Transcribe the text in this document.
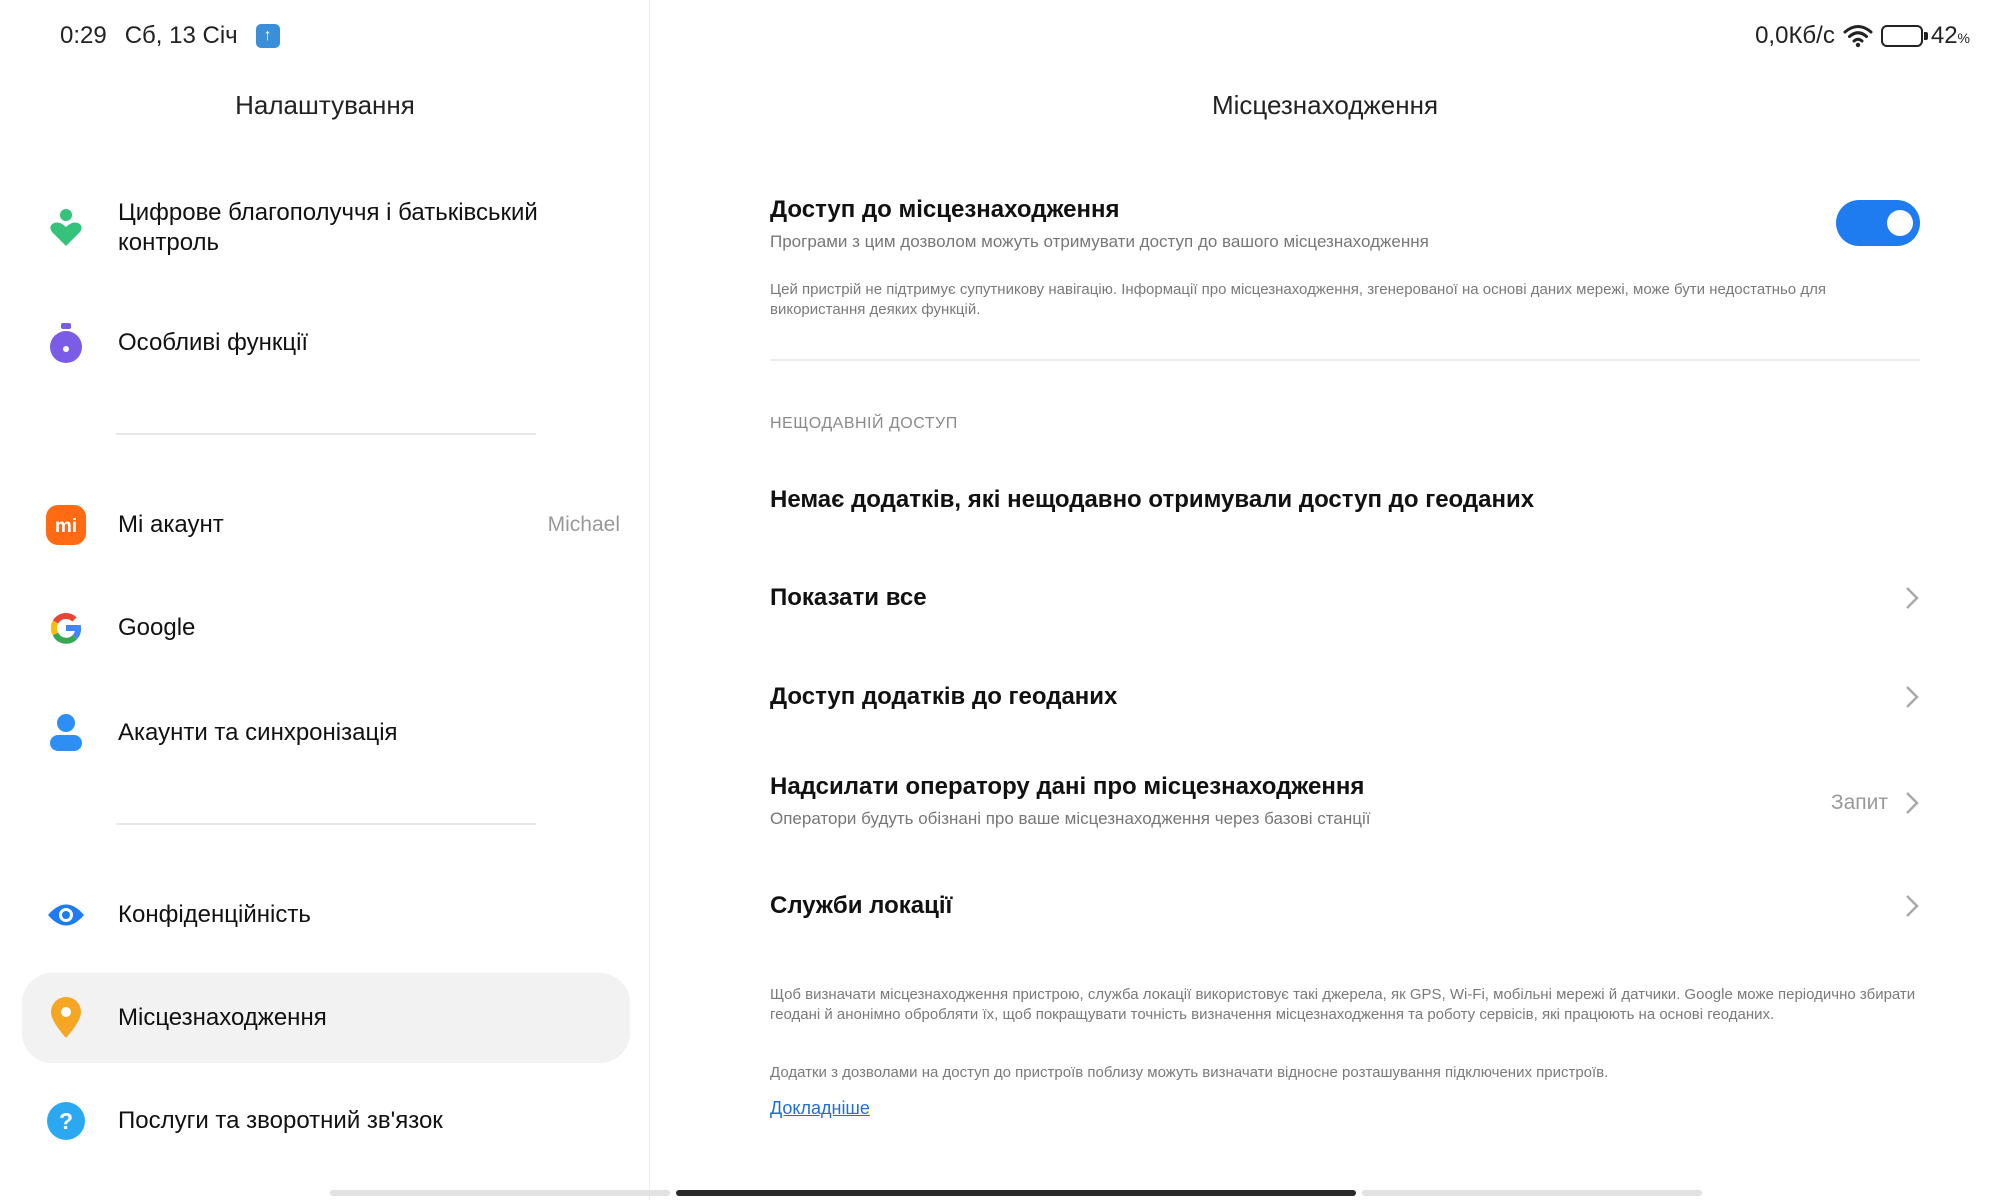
0:29 Сб, 13 Січ	↑	0,0Кб/с	42%
Налаштування
Цифрове благополуччя і батьківський контроль
Особливі функції
mi Mi акаунт	Michael
Google
Акаунти та синхронізація
Конфіденційність
Місцезнаходження
? Послуги та зворотний зв'язок
Місцезнаходження
Доступ до місцезнаходження
Програми з цим дозволом можуть отримувати доступ до вашого місцезнаходження
Цей пристрій не підтримує супутникову навігацію. Інформації про місцезнаходження, згенерованої на основі даних мережі, може бути недостатньо для використання деяких функцій.
НЕЩОДАВНІЙ ДОСТУП
Немає додатків, які нещодавно отримували доступ до геоданих
Показати все
Доступ додатків до геоданих
Надсилати оператору дані про місцезнаходження
Оператори будуть обізнані про ваше місцезнаходження через базові станції
Запит
Служби локації
Щоб визначати місцезнаходження пристрою, служба локації використовує такі джерела, як GPS, Wi-Fi, мобільні мережі й датчики. Google може періодично збирати геодані й анонімно обробляти їх, щоб покращувати точність визначення місцезнаходження та роботу сервісів, які працюють на основі геоданих.
Додатки з дозволами на доступ до пристроїв поблизу можуть визначати відносне розташування підключених пристроїв.
Докладніше
